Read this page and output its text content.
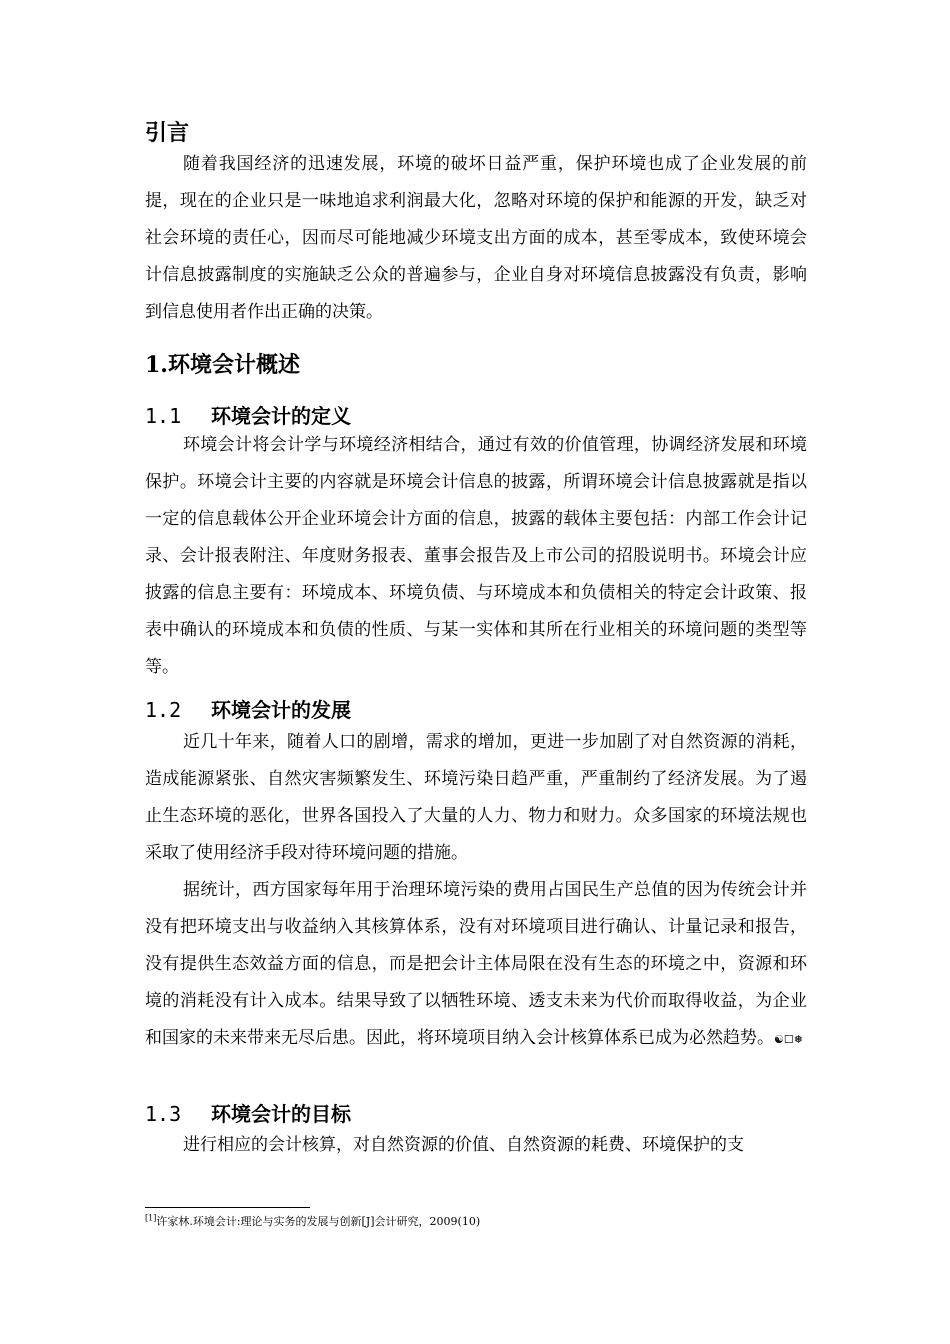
引言

随着我国经济的迅速发展，环境的破坏日益严重，保护环境也成了企业发展的前提，现在的企业只是一味地追求利润最大化，忽略对环境的保护和能源的开发，缺乏对社会环境的责任心，因而尽可能地减少环境支出方面的成本，甚至零成本，致使环境会计信息披露制度的实施缺乏公众的普遍参与，企业自身对环境信息披露没有负责，影响到信息使用者作出正确的决策。

1.环境会计概述
1.1 环境会计的定义

环境会计将会计学与环境经济相结合，通过有效的价值管理，协调经济发展和环境保护。环境会计主要的内容就是环境会计信息的披露，所谓环境会计信息披露就是指以一定的信息载体公开企业环境会计方面的信息，披露的载体主要包括：内部工作会计记录、会计报表附注、年度财务报表、董事会报告及上市公司的招股说明书。环境会计应披露的信息主要有：环境成本、环境负债、与环境成本和负债相关的特定会计政策、报表中确认的环境成本和负债的性质、与某一实体和其所在行业相关的环境问题的类型等等。

1.2 环境会计的发展

近几十年来，随着人口的剧增，需求的增加，更进一步加剧了对自然资源的消耗，造成能源紧张、自然灾害频繁发生、环境污染日趋严重，严重制约了经济发展。为了遏止生态环境的恶化，世界各国投入了大量的人力、物力和财力。众多国家的环境法规也采取了使用经济手段对待环境问题的措施。

据统计，西方国家每年用于治理环境污染的费用占国民生产总值的因为传统会计并没有把环境支出与收益纳入其核算体系，没有对环境项目进行确认、计量记录和报告，没有提供生态效益方面的信息，而是把会计主体局限在没有生态的环境之中，资源和环境的消耗没有计入成本。结果导致了以牺牲环境、透支未来为代价而取得收益，为企业和国家的未来带来无尽后患。因此，将环境项目纳入会计核算体系已成为必然趋势。☯☐❅

1.3 环境会计的目标

进行相应的会计核算，对自然资源的价值、自然资源的耗费、环境保护的支

[1]许家林.环境会计:理论与实务的发展与创新[J]会计研究，2009(10)
